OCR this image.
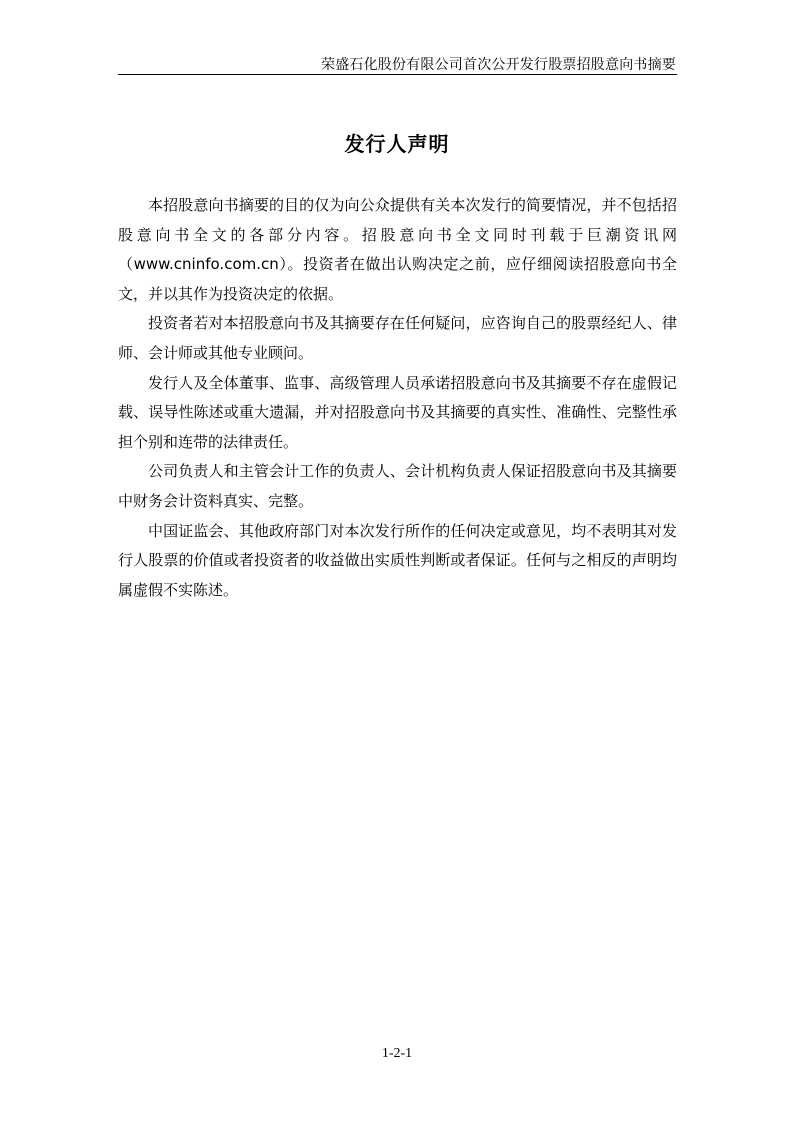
荣盛石化股份有限公司首次公开发行股票招股意向书摘要
发行人声明

本招股意向书摘要的目的仅为向公众提供有关本次发行的简要情况，并不包括招股意向书全文的各部分内容。招股意向书全文同时刊载于巨潮资讯网（www.cninfo.com.cn）。投资者在做出认购决定之前，应仔细阅读招股意向书全文，并以其作为投资决定的依据。

投资者若对本招股意向书及其摘要存在任何疑问，应咨询自己的股票经纪人、律师、会计师或其他专业顾问。

发行人及全体董事、监事、高级管理人员承诺招股意向书及其摘要不存在虚假记载、误导性陈述或重大遗漏，并对招股意向书及其摘要的真实性、准确性、完整性承担个别和连带的法律责任。

公司负责人和主管会计工作的负责人、会计机构负责人保证招股意向书及其摘要中财务会计资料真实、完整。

中国证监会、其他政府部门对本次发行所作的任何决定或意见，均不表明其对发行人股票的价值或者投资者的收益做出实质性判断或者保证。任何与之相反的声明均属虚假不实陈述。

1-2-1
